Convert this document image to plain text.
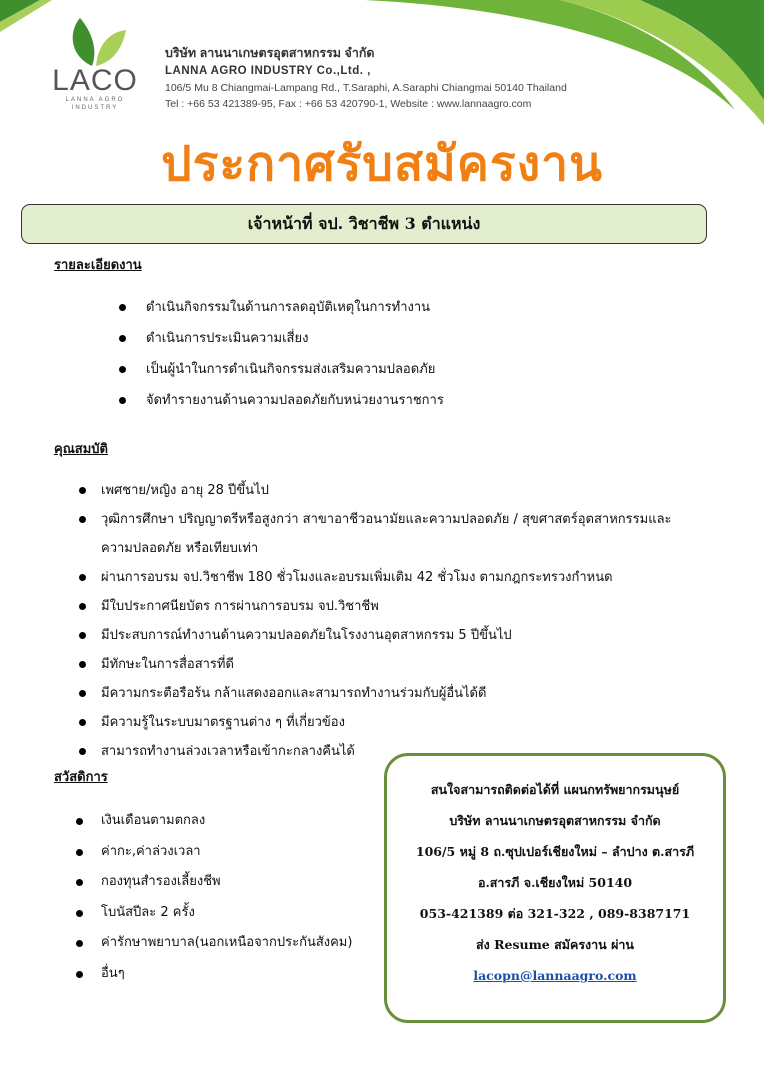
LACO
LANNA AGRO INDUSTRY
บริษัท ลานนาเกษตรอุตสาหกรรม จำกัด
LANNA AGRO INDUSTRY Co.,Ltd. ,
106/5 Mu 8 Chiangmai-Lampang Rd., T.Saraphi, A.Saraphi Chiangmai 50140 Thailand
Tel : +66 53 421389-95, Fax : +66 53 420790-1, Website : www.lannaagro.com
ประกาศรับสมัครงาน
เจ้าหน้าที่ จป. วิชาชีพ 3 ตำแหน่ง
รายละเอียดงาน
ดำเนินกิจกรรมในด้านการลดอุบัติเหตุในการทำงาน
ดำเนินการประเมินความเสี่ยง
เป็นผู้นำในการดำเนินกิจกรรมส่งเสริมความปลอดภัย
จัดทำรายงานด้านความปลอดภัยกับหน่วยงานราชการ
คุณสมบัติ
เพศชาย/หญิง อายุ 28 ปีขึ้นไป
วุฒิการศึกษา ปริญญาตรีหรือสูงกว่า สาขาอาชีวอนามัยและความปลอดภัย / สุขศาสตร์อุตสาหกรรมและความปลอดภัย หรือเทียบเท่า
ผ่านการอบรม จป.วิชาชีพ 180 ชั่วโมงและอบรมเพิ่มเติม 42 ชั่วโมง ตามกฎกระทรวงกำหนด
มีใบประกาศนียบัตร การผ่านการอบรม จป.วิชาชีพ
มีประสบการณ์ทำงานด้านความปลอดภัยในโรงงานอุตสาหกรรม 5 ปีขึ้นไป
มีทักษะในการสื่อสารที่ดี
มีความกระตือรือร้น กล้าแสดงออกและสามารถทำงานร่วมกับผู้อื่นได้ดี
มีความรู้ในระบบมาตรฐานต่าง ๆ ที่เกี่ยวข้อง
สามารถทำงานล่วงเวลาหรือเข้ากะกลางคืนได้
สวัสดิการ
เงินเดือนตามตกลง
ค่ากะ,ค่าล่วงเวลา
กองทุนสำรองเลี้ยงชีพ
โบนัสปีละ 2 ครั้ง
ค่ารักษาพยาบาล(นอกเหนือจากประกันสังคม)
อื่นๆ
สนใจสามารถติดต่อได้ที่ แผนกทรัพยากรมนุษย์
บริษัท ลานนาเกษตรอุตสาหกรรม จำกัด
106/5 หมู่ 8 ถ.ซุปเปอร์เชียงใหม่ – ลำปาง ต.สารภี
อ.สารภี จ.เชียงใหม่ 50140
053-421389 ต่อ 321-322 , 089-8387171
ส่ง Resume สมัครงาน ผ่าน
lacopn@lannaagro.com
